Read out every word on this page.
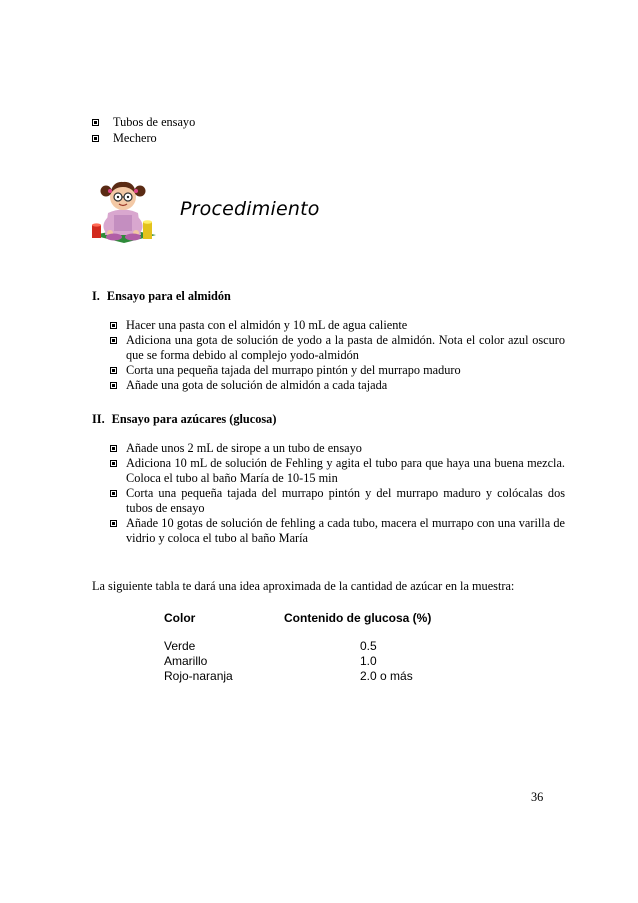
Tubos de ensayo
Mechero
Procedimiento
I. Ensayo para el almidón
Hacer una pasta con el almidón y 10 mL de agua caliente
Adiciona una gota de solución de yodo a la pasta de almidón. Nota el color azul oscuro que se forma debido al complejo yodo-almidón
Corta una pequeña tajada del murrapo pintón y del murrapo maduro
Añade una gota de solución de almidón a cada tajada
II. Ensayo para azúcares (glucosa)
Añade unos 2 mL de sirope a un tubo de ensayo
Adiciona 10 mL de solución de Fehling y agita el tubo para que haya una buena mezcla. Coloca el tubo al baño María de 10-15 min
Corta una pequeña tajada del murrapo pintón y del murrapo maduro y colócalas dos tubos de ensayo
Añade 10 gotas de solución de fehling a cada tubo, macera el murrapo con una varilla de vidrio y coloca el tubo al baño María

La siguiente tabla te dará una idea aproximada de la cantidad de azúcar en la muestra:

Color	Contenido de glucosa (%)
Verde	0.5
Amarillo	1.0
Rojo-naranja	2.0 o más
36
